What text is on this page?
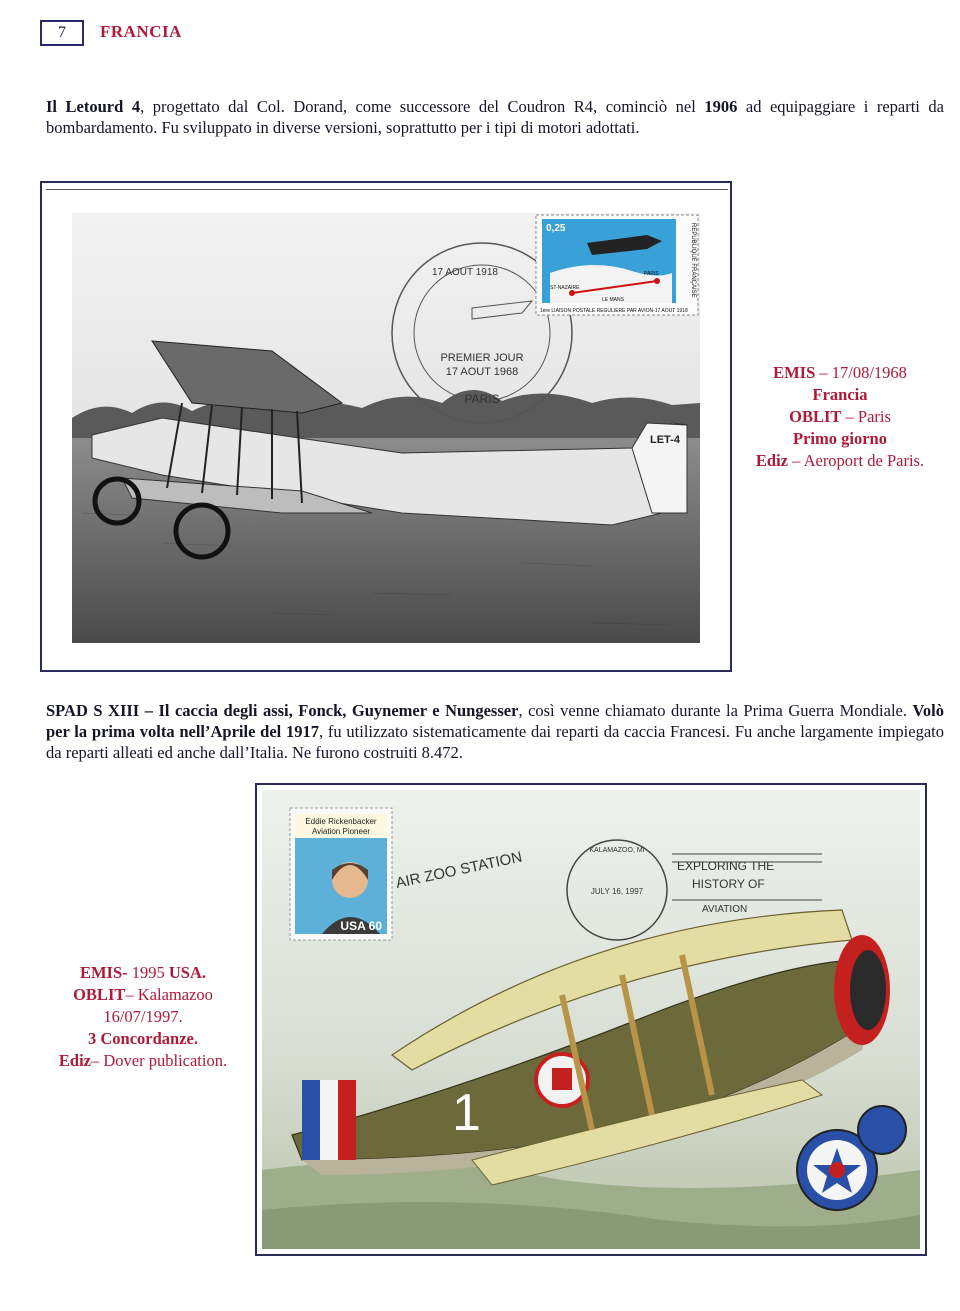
7	FRANCIA
Il Letourd 4, progettato dal Col. Dorand, come successore del Coudron R4, cominciò nel 1906 ad equipaggiare i reparti da bombardamento. Fu sviluppato in diverse versioni, soprattutto per i tipi di motori adottati.
LET-4
PREMIER JOUR
17 AOUT 1968
PARIS
17 AOUT 1918
0,25
ST-NAZAIRE
PARIS
LE MANS
1ère LIAISON POSTALE REGULIERE PAR AVION-17 AOUT 1918
REPUBLIQUE FRANÇAISE
EMIS – 17/08/1968
Francia
OBLIT – Paris
Primo giorno
Ediz – Aeroport de Paris.
SPAD S XIII – Il caccia degli assi, Fonck, Guynemer e Nungesser, così venne chiamato durante la Prima Guerra Mondiale. Volò per la prima volta nell’Aprile del 1917, fu utilizzato sistematicamente dai reparti da caccia Francesi. Fu anche largamente impiegato da reparti alleati ed anche dall’Italia. Ne furono costruiti 8.472.
1
AIR ZOO STATION	JULY 16, 1997
KALAMAZOO, MI
EXPLORING THE
HISTORY OF
AVIATION
Eddie Rickenbacker
Aviation Pioneer
USA 60
EMIS- 1995 USA.
OBLIT– Kalamazoo
16/07/1997.
3 Concordanze.
Ediz– Dover publication.
